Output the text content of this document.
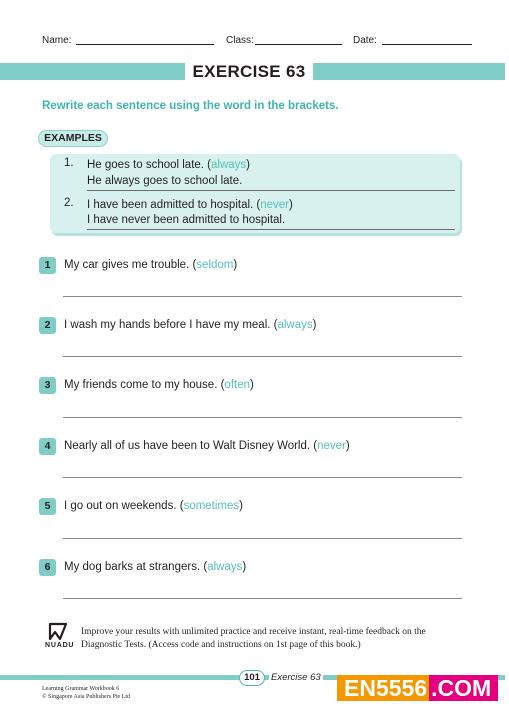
Name:	Class:	Date:
EXERCISE 63
Rewrite each sentence using the word in the brackets.
EXAMPLES
1. He goes to school late. (always)
He always goes to school late.
2. I have been admitted to hospital. (never)
I have never been admitted to hospital.
1	My car gives me trouble. (seldom)
2	I wash my hands before I have my meal. (always)
3	My friends come to my house. (often)
4	Nearly all of us have been to Walt Disney World. (never)
5	I go out on weekends. (sometimes)
6	My dog barks at strangers. (always)
NUADU
Improve your results with unlimited practice and receive instant, real-time feedback on the
Diagnostic Tests. (Access code and instructions on 1st page of this book.)
101	Exercise 63
Learning Grammar Workbook 6
© Singapore Asia Publishers Pte Ltd	EN5556 .COM
